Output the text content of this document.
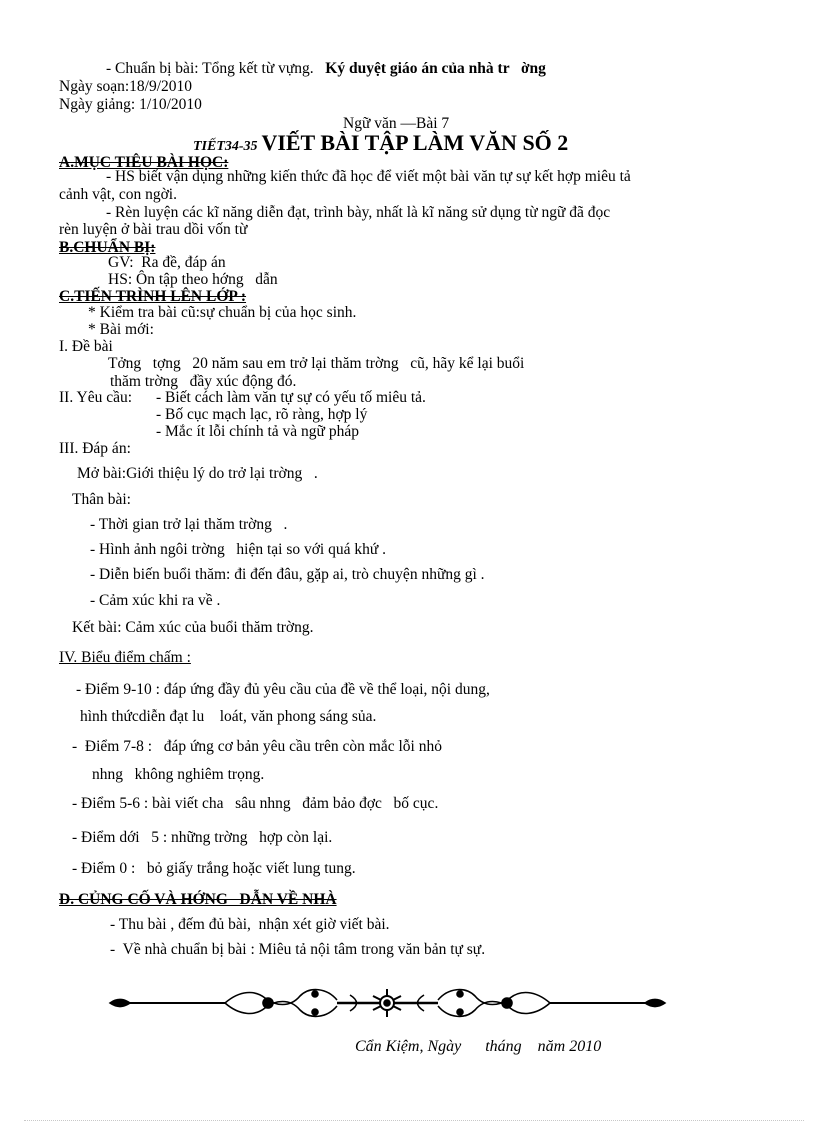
- Chuẩn bị bài: Tổng kết từ vựng. Ký duyệt giáo án của nhà tr   ờng
Ngày soạn:18/9/2010
Ngày giảng: 1/10/2010
Ngữ văn —Bài 7
TIẾT34-35 VIẾT BÀI TẬP LÀM VĂN SỐ 2
A.MỤC TIÊU BÀI HỌC:
- HS biết vận dụng những kiến thức đã học để viết một bài văn tự sự kết hợp miêu tả
cảnh vật, con ngời.
- Rèn luyện các kĩ năng diễn đạt, trình bày, nhất là kĩ năng sử dụng từ ngữ đã đọc
rèn luyện ở bài trau dồi vốn từ
B.CHUẨN BỊ:
GV:  Ra đề, đáp án
HS: Ôn tập theo hớng   dẫn
C.TIẾN TRÌNH LÊN LỚP :
* Kiểm tra bài cũ:sự chuẩn bị của học sinh.
* Bài mới:
I. Đề bài
Tởng   tợng   20 năm sau em trở lại thăm trờng   cũ, hãy kể lại buổi
thăm trờng   đầy xúc động đó.
II. Yêu cầu: - Biết cách làm văn tự sự có yếu tố miêu tả.
- Bố cục mạch lạc, rõ ràng, hợp lý
- Mắc ít lỗi chính tả và ngữ pháp
III. Đáp án:
Mở bài:Giới thiệu lý do trở lại trờng   .
Thân bài:
- Thời gian trở lại thăm trờng   .
- Hình ảnh ngôi trờng   hiện tại so với quá khứ .
- Diễn biến buổi thăm: đi đến đâu, gặp ai, trò chuyện những gì .
- Cảm xúc khi ra về .
Kết bài: Cảm xúc của buổi thăm trờng.
IV. Biểu điểm chấm :
- Điểm 9-10 : đáp ứng đầy đủ yêu cầu của đề về thể loại, nội dung,
hình thứcdiễn đạt lu    loát, văn phong sáng sủa.
-  Điểm 7-8 :   đáp ứng cơ bản yêu cầu trên còn mắc lỗi nhỏ
nhng   không nghiêm trọng.
- Điểm 5-6 : bài viết cha   sâu nhng   đảm bảo đợc   bố cục.
- Điểm dới   5 : những trờng   hợp còn lại.
- Điểm 0 :   bỏ giấy trắng hoặc viết lung tung.
D. CỦNG CỐ VÀ HỚNG   DẪN VỀ NHÀ
- Thu bài , đếm đủ bài,  nhận xét giờ viết bài.
-  Về nhà chuẩn bị bài : Miêu tả nội tâm trong văn bản tự sự.
Cẩn Kiệm, Ngày      tháng    năm 2010
